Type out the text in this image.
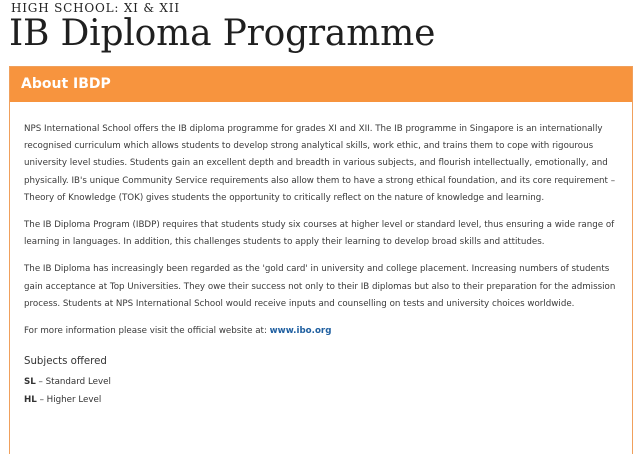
HIGH SCHOOL: XI & XII
IB Diploma Programme
About IBDP

NPS International School offers the IB diploma programme for grades XI and XII. The IB programme in Singapore is an internationally recognised curriculum which allows students to develop strong analytical skills, work ethic, and trains them to cope with rigourous university level studies. Students gain an excellent depth and breadth in various subjects, and flourish intellectually, emotionally, and physically. IB's unique Community Service requirements also allow them to have a strong ethical foundation, and its core requirement –Theory of Knowledge (TOK) gives students the opportunity to critically reflect on the nature of knowledge and learning.

The IB Diploma Program (IBDP) requires that students study six courses at higher level or standard level, thus ensuring a wide range of learning in languages. In addition, this challenges students to apply their learning to develop broad skills and attitudes.

The IB Diploma has increasingly been regarded as the 'gold card' in university and college placement. Increasing numbers of students gain acceptance at Top Universities. They owe their success not only to their IB diplomas but also to their preparation for the admission process. Students at NPS International School would receive inputs and counselling on tests and university choices worldwide.

For more information please visit the official website at: www.ibo.org

Subjects offered
SL – Standard Level
HL – Higher Level
